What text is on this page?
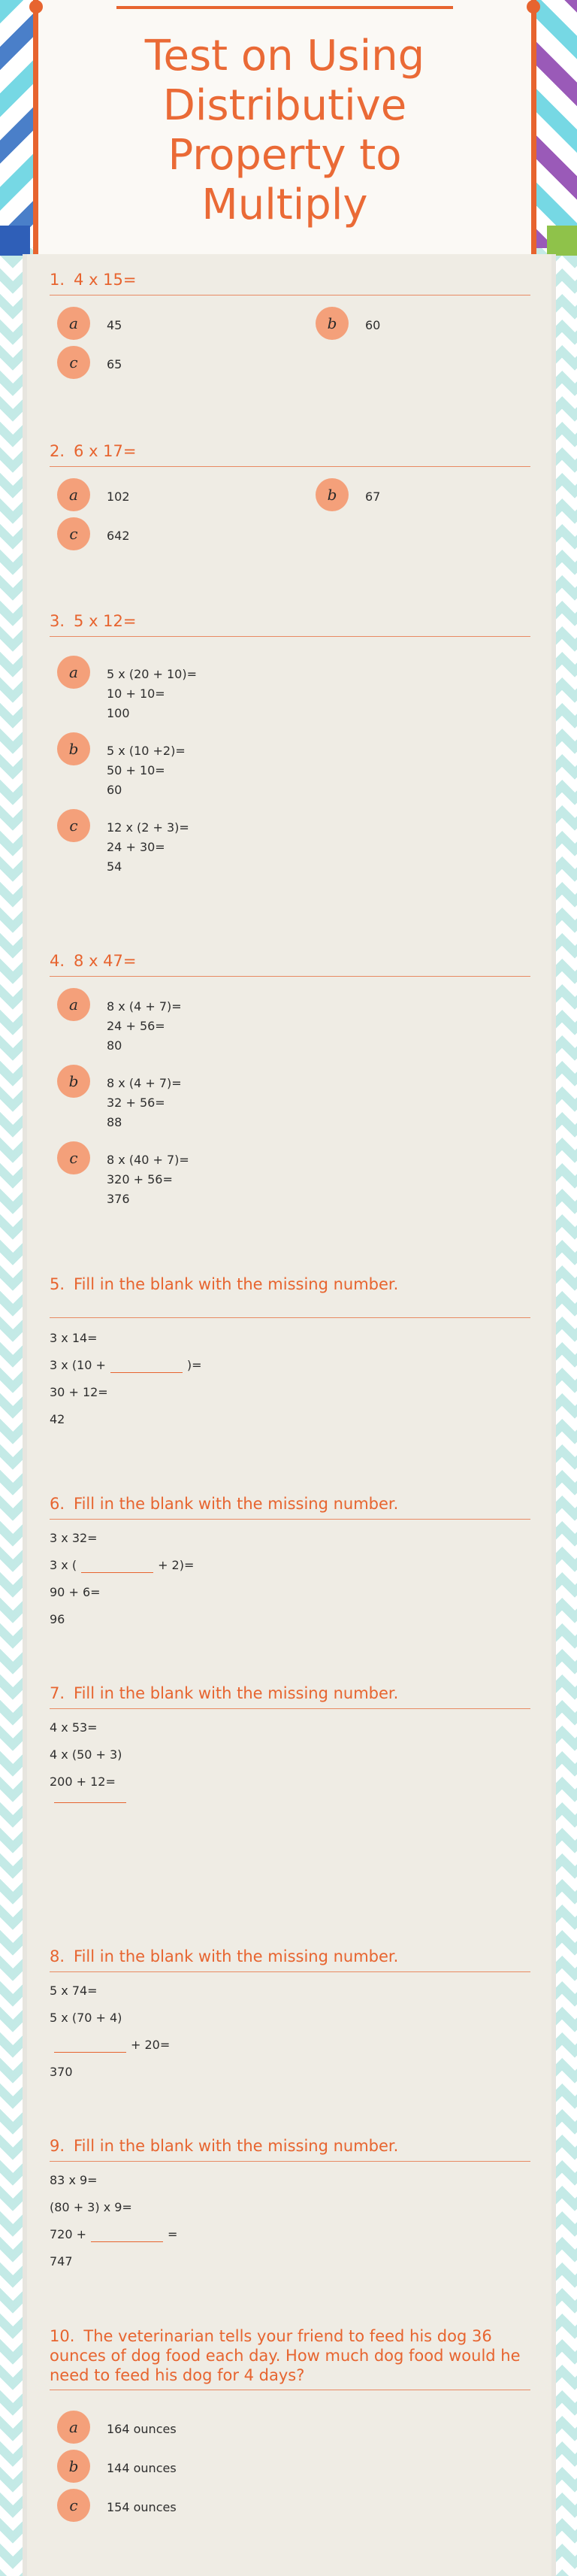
Test on Using Distributive Property to Multiply
1. 4 x 15=
a	45	b	60
c	65
2. 6 x 17=
a	102	b	67
c	642
3. 5 x 12=
a	5 x (20 + 10)=
10 + 10=
100
b	5 x (10 +2)=
50 + 10=
60
c	12 x (2 + 3)=
24 + 30=
54
4. 8 x 47=
a	8 x (4 + 7)=
24 + 56=
80
b	8 x (4 + 7)=
32 + 56=
88
c	8 x (40 + 7)=
320 + 56=
376
5. Fill in the blank with the missing number.
3 x 14=
3 x (10 +	)=
30 + 12=
42
6. Fill in the blank with the missing number.
3 x 32=
3 x (	+ 2)=
90 + 6=
96
7. Fill in the blank with the missing number.
4 x 53=
4 x (50 + 3)
200 + 12=
8. Fill in the blank with the missing number.
5 x 74=
5 x (70 + 4)
+ 20=
370
9. Fill in the blank with the missing number.
83 x 9=
(80 + 3) x 9=
720 +	=
747
10. The veterinarian tells your friend to feed his dog 36 ounces of dog food each day. How much dog food would he need to feed his dog for 4 days?
a	164 ounces
b	144 ounces
c	154 ounces
